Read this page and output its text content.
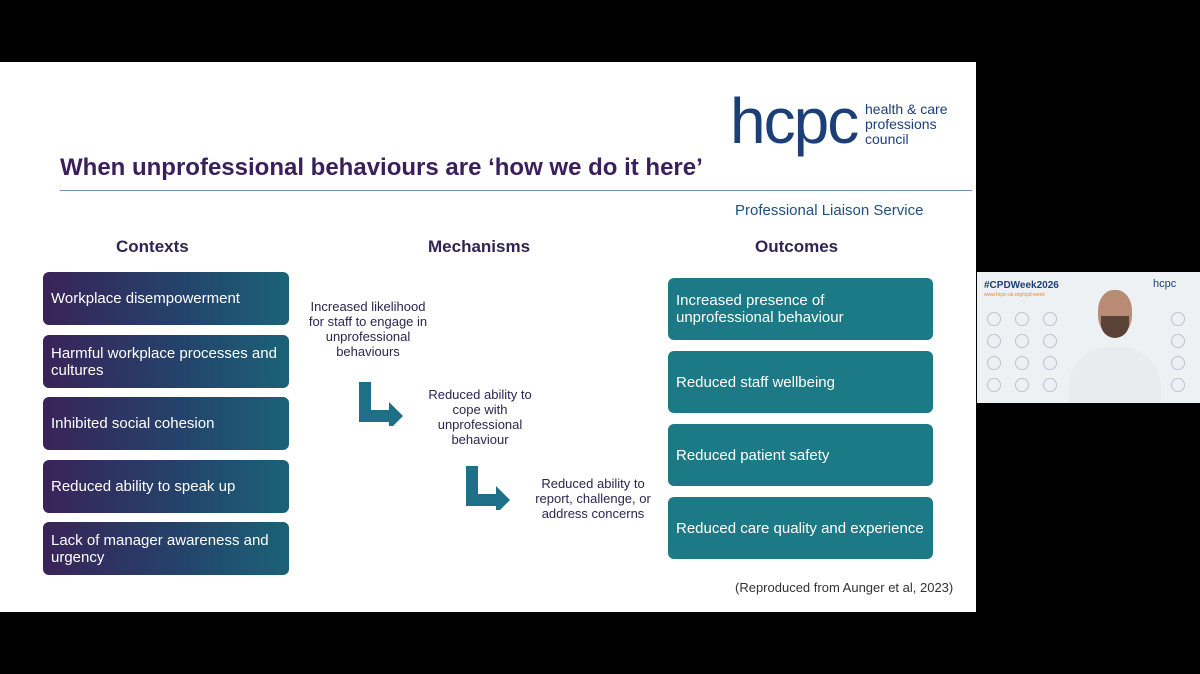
hcpc health & care
professions
council
When unprofessional behaviours are ‘how we do it here’
Professional Liaison Service
Contexts	Mechanisms	Outcomes
Workplace disempowerment
Harmful workplace processes and cultures
Inhibited social cohesion
Reduced ability to speak up
Lack of manager awareness and urgency
Increased likelihood for staff to engage in unprofessional behaviours
Reduced ability to cope with unprofessional behaviour
Reduced ability to report, challenge, or address concerns
Increased presence of unprofessional behaviour
Reduced staff wellbeing
Reduced patient safety
Reduced care quality and experience
(Reproduced from Aunger et al, 2023)
#CPDWeek2026
www.hcpc-uk.org/cpd-week
hcpc
